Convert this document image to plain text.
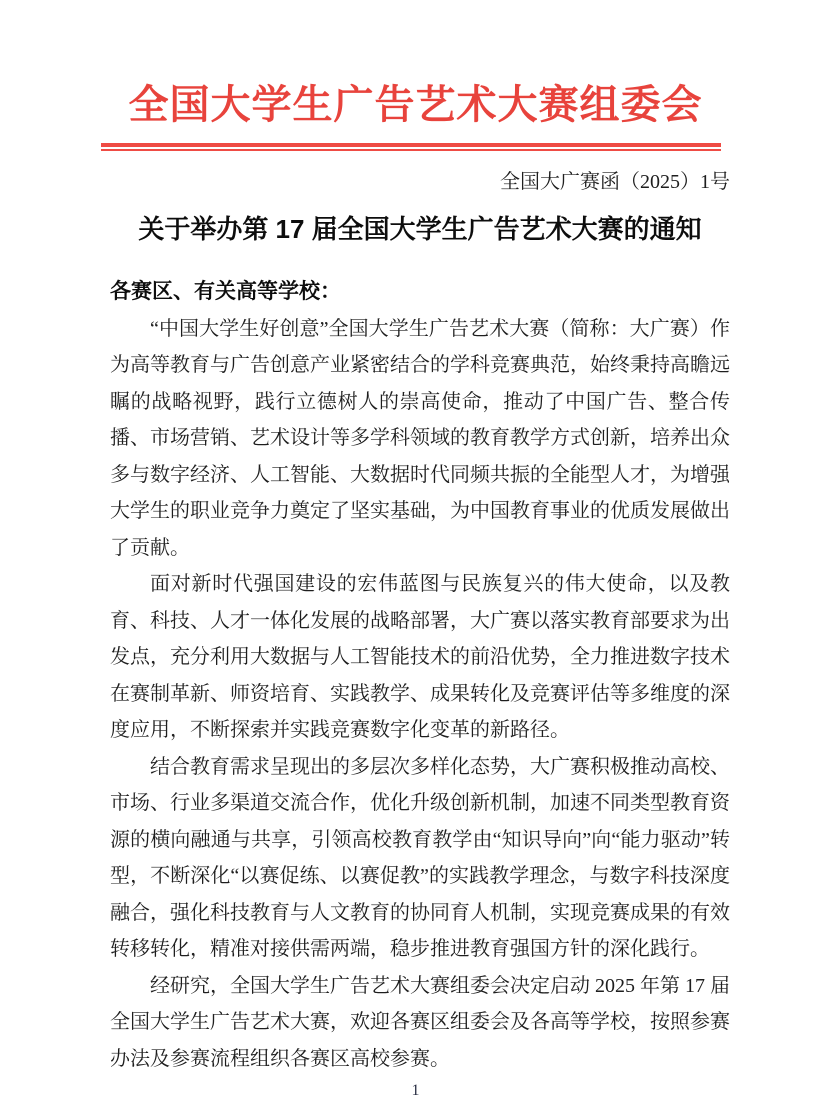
全国大学生广告艺术大赛组委会
全国大广赛函（2025）1号
关于举办第 17 届全国大学生广告艺术大赛的通知

各赛区、有关高等学校：

“中国大学生好创意”全国大学生广告艺术大赛（简称：大广赛）作为高等教育与广告创意产业紧密结合的学科竞赛典范，始终秉持高瞻远瞩的战略视野，践行立德树人的崇高使命，推动了中国广告、整合传播、市场营销、艺术设计等多学科领域的教育教学方式创新，培养出众多与数字经济、人工智能、大数据时代同频共振的全能型人才，为增强大学生的职业竞争力奠定了坚实基础，为中国教育事业的优质发展做出了贡献。

面对新时代强国建设的宏伟蓝图与民族复兴的伟大使命，以及教育、科技、人才一体化发展的战略部署，大广赛以落实教育部要求为出发点，充分利用大数据与人工智能技术的前沿优势，全力推进数字技术在赛制革新、师资培育、实践教学、成果转化及竞赛评估等多维度的深度应用，不断探索并实践竞赛数字化变革的新路径。

结合教育需求呈现出的多层次多样化态势，大广赛积极推动高校、市场、行业多渠道交流合作，优化升级创新机制，加速不同类型教育资源的横向融通与共享，引领高校教育教学由“知识导向”向“能力驱动”转型，不断深化“以赛促练、以赛促教”的实践教学理念，与数字科技深度融合，强化科技教育与人文教育的协同育人机制，实现竞赛成果的有效转移转化，精准对接供需两端，稳步推进教育强国方针的深化践行。

经研究，全国大学生广告艺术大赛组委会决定启动 2025 年第 17 届全国大学生广告艺术大赛，欢迎各赛区组委会及各高等学校，按照参赛办法及参赛流程组织各赛区高校参赛。

1
